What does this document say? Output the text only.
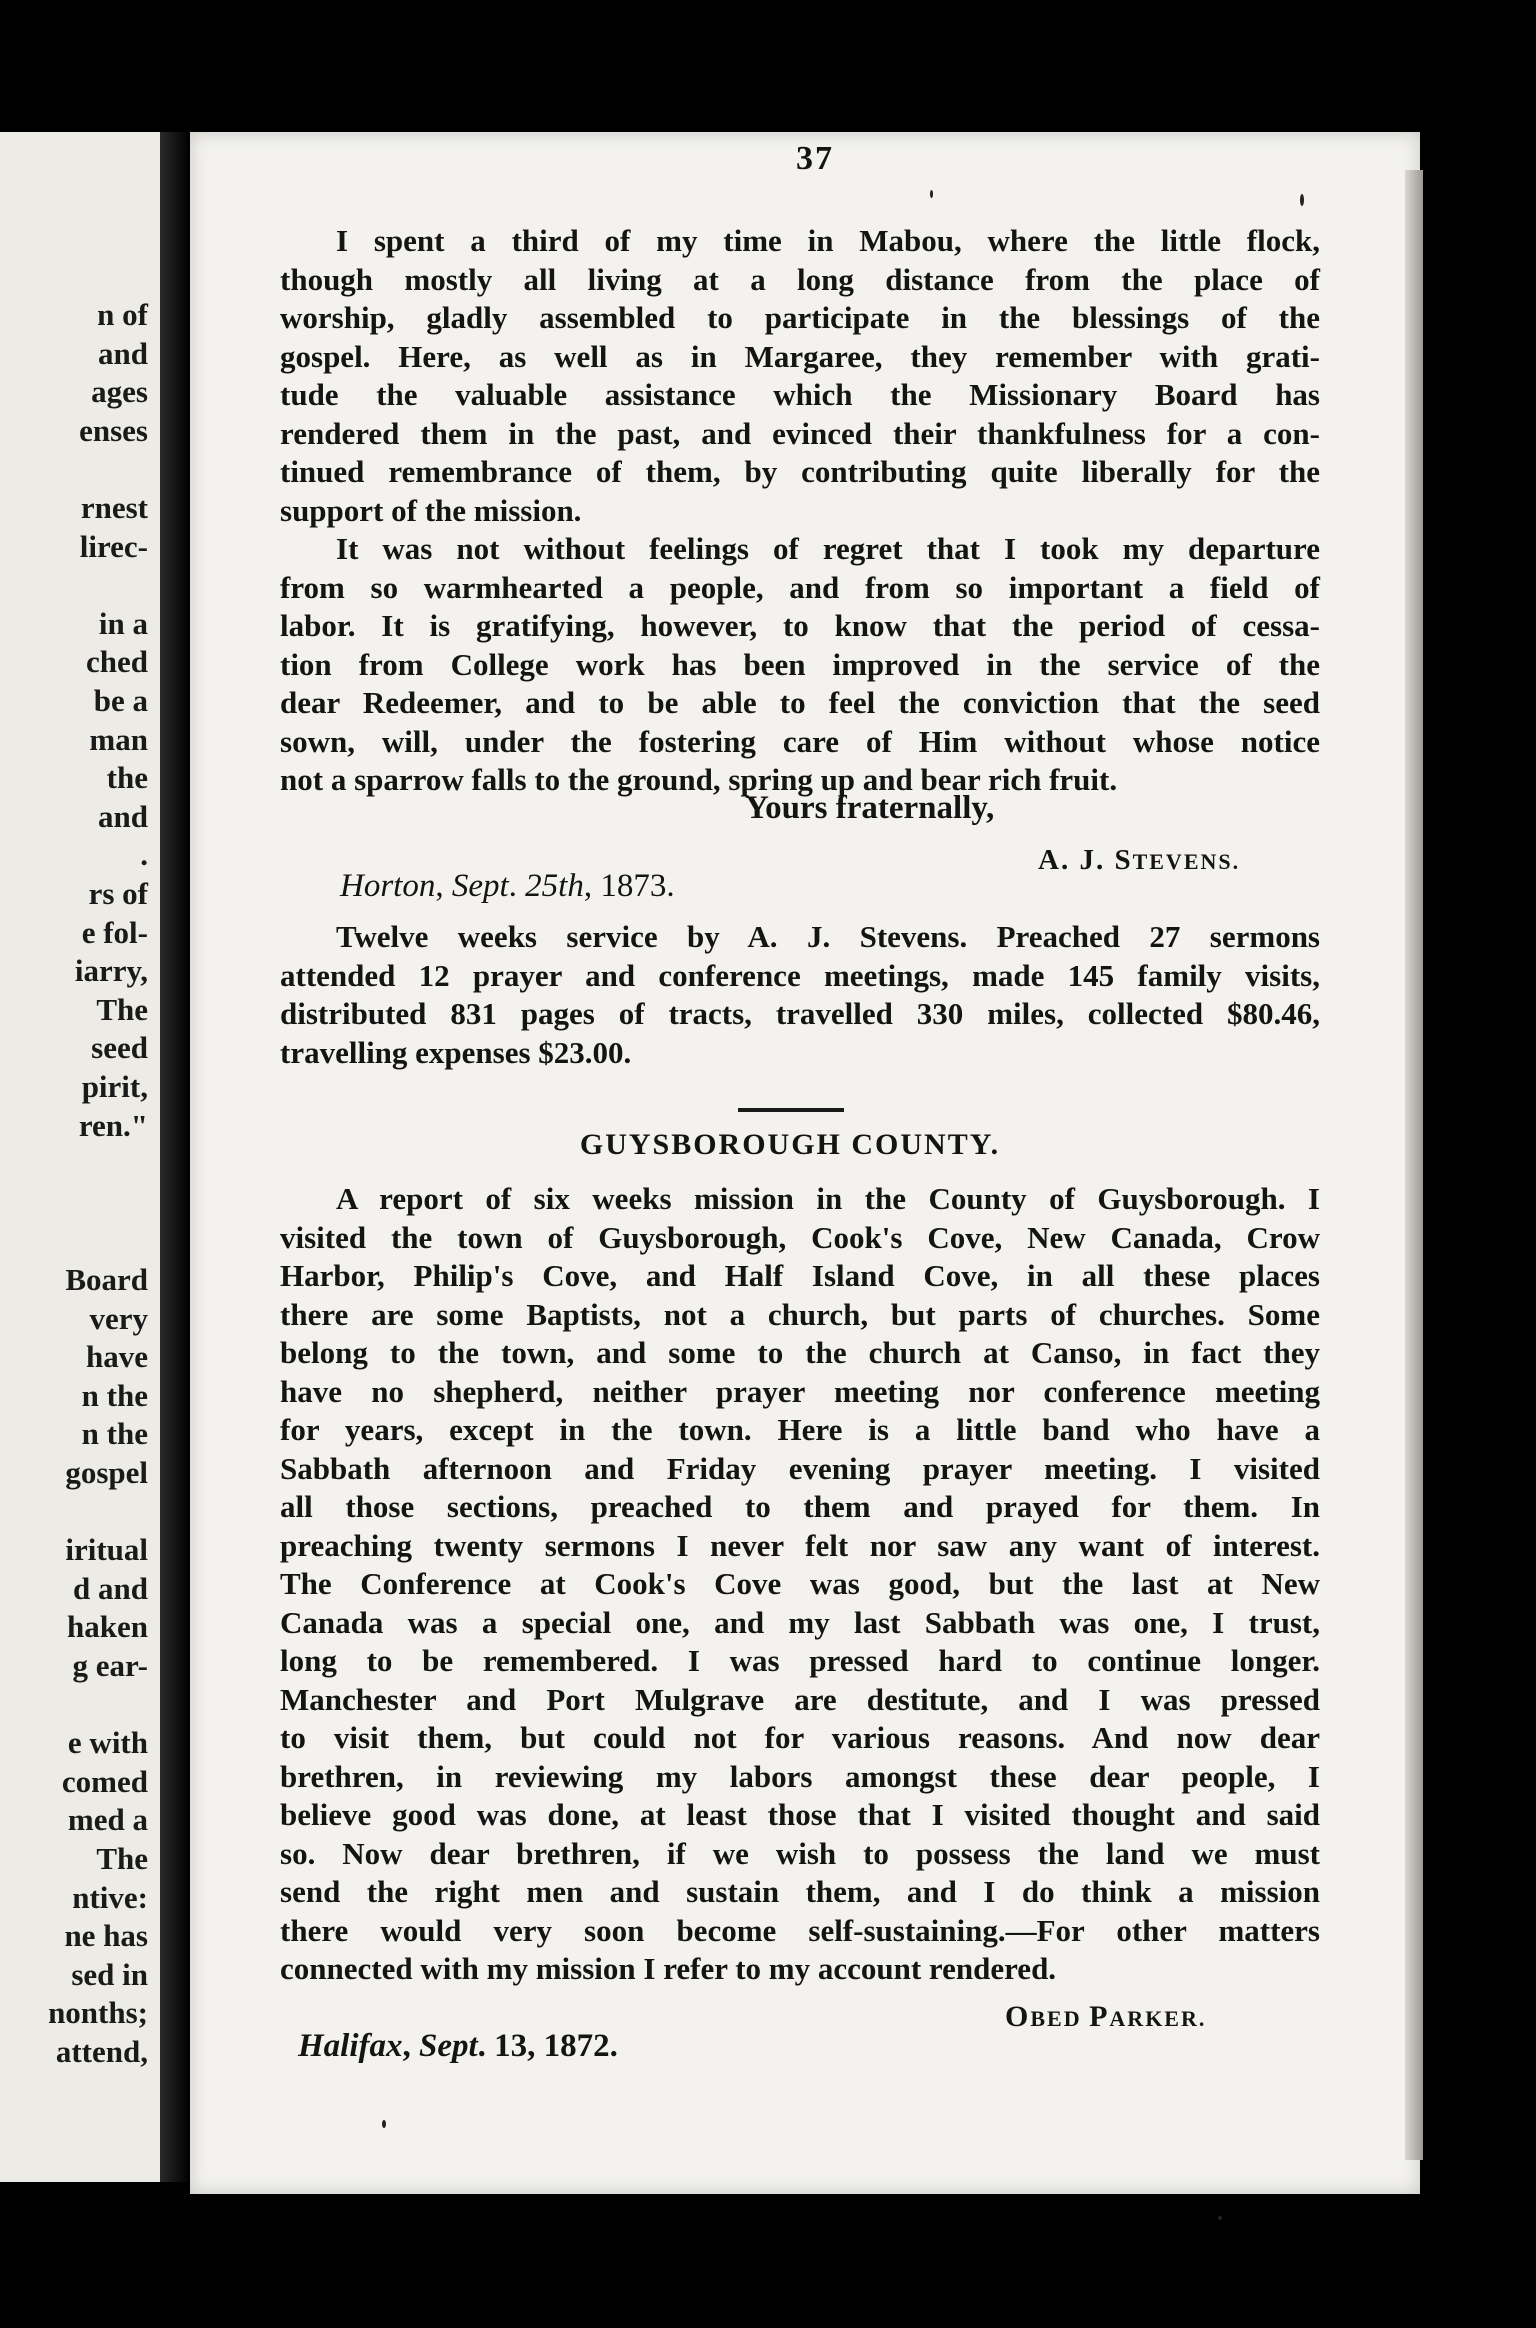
n of
and
ages
enses
rnest
lirec-
in a
ched
be a
man
the
and
.
rs of
e fol-
iarry,
The
seed
pirit,
ren."
Board
very
have
n the
n the
gospel
iritual
d and
haken
g ear-
e with
comed
med a
The
ntive:
ne has
sed in
nonths;
attend,
37
I spent a third of my time in Mabou, where the little flock,
though mostly all living at a long distance from the place of
worship, gladly assembled to participate in the blessings of the
gospel. Here, as well as in Margaree, they remember with grati-
tude the valuable assistance which the Missionary Board has
rendered them in the past, and evinced their thankfulness for a con-
tinued remembrance of them, by contributing quite liberally for the
support of the mission.
It was not without feelings of regret that I took my departure
from so warmhearted a people, and from so important a field of
labor. It is gratifying, however, to know that the period of cessa-
tion from College work has been improved in the service of the
dear Redeemer, and to be able to feel the conviction that the seed
sown, will, under the fostering care of Him without whose notice
not a sparrow falls to the ground, spring up and bear rich fruit.
Yours fraternally,
A. J. STEVENS.
Horton, Sept. 25th, 1873.
Twelve weeks service by A. J. Stevens. Preached 27 sermons
attended 12 prayer and conference meetings, made 145 family visits,
distributed 831 pages of tracts, travelled 330 miles, collected $80.46,
travelling expenses $23.00.
GUYSBOROUGH COUNTY.
A report of six weeks mission in the County of Guysborough. I
visited the town of Guysborough, Cook's Cove, New Canada, Crow
Harbor, Philip's Cove, and Half Island Cove, in all these places
there are some Baptists, not a church, but parts of churches. Some
belong to the town, and some to the church at Canso, in fact they
have no shepherd, neither prayer meeting nor conference meeting
for years, except in the town. Here is a little band who have a
Sabbath afternoon and Friday evening prayer meeting. I visited
all those sections, preached to them and prayed for them. In
preaching twenty sermons I never felt nor saw any want of interest.
The Conference at Cook's Cove was good, but the last at New
Canada was a special one, and my last Sabbath was one, I trust,
long to be remembered. I was pressed hard to continue longer.
Manchester and Port Mulgrave are destitute, and I was pressed
to visit them, but could not for various reasons. And now dear
brethren, in reviewing my labors amongst these dear people, I
believe good was done, at least those that I visited thought and said
so. Now dear brethren, if we wish to possess the land we must
send the right men and sustain them, and I do think a mission
there would very soon become self-sustaining.—For other matters
connected with my mission I refer to my account rendered.
OBED PARKER.
Halifax, Sept. 13, 1872.
